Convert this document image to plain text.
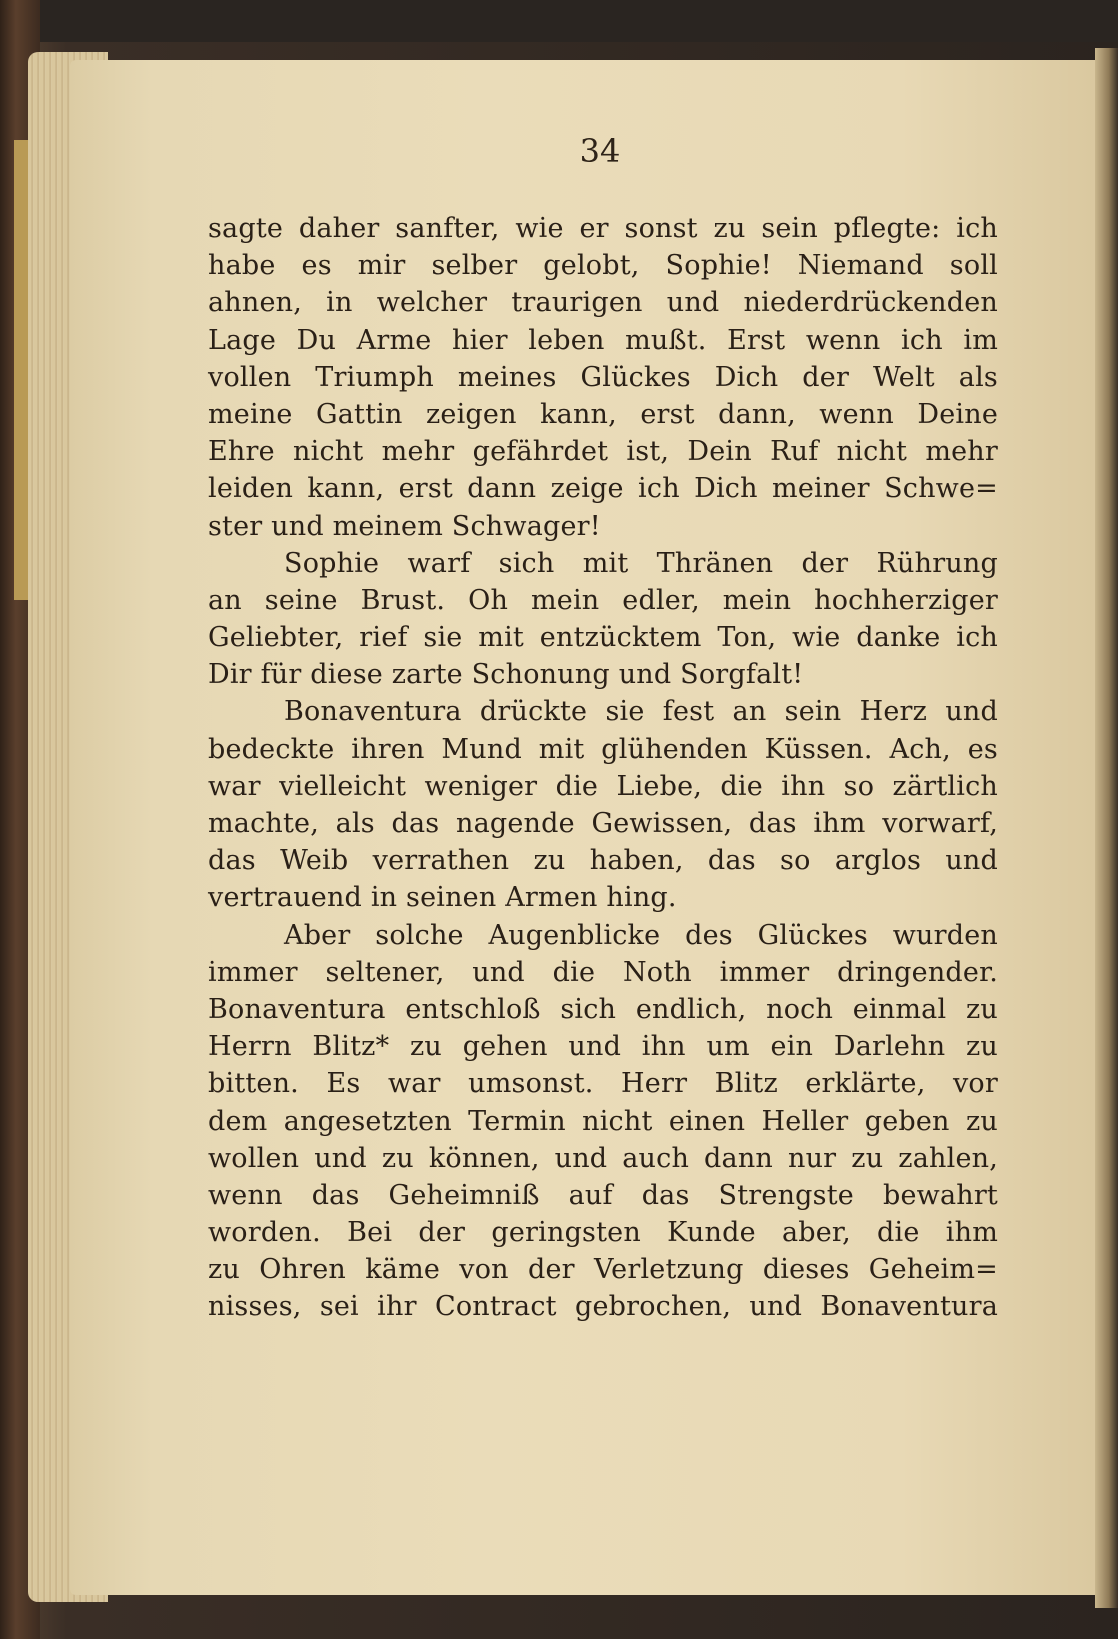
34
sagte daher sanfter, wie er sonst zu sein pflegte: ich
habe es mir selber gelobt, Sophie! Niemand soll
ahnen, in welcher traurigen und niederdrückenden
Lage Du Arme hier leben mußt. Erst wenn ich im
vollen Triumph meines Glückes Dich der Welt als
meine Gattin zeigen kann, erst dann, wenn Deine
Ehre nicht mehr gefährdet ist, Dein Ruf nicht mehr
leiden kann, erst dann zeige ich Dich meiner Schwe=
ster und meinem Schwager!
Sophie warf sich mit Thränen der Rührung
an seine Brust. Oh mein edler, mein hochherziger
Geliebter, rief sie mit entzücktem Ton, wie danke ich
Dir für diese zarte Schonung und Sorgfalt!
Bonaventura drückte sie fest an sein Herz und
bedeckte ihren Mund mit glühenden Küssen. Ach, es
war vielleicht weniger die Liebe, die ihn so zärtlich
machte, als das nagende Gewissen, das ihm vorwarf,
das Weib verrathen zu haben, das so arglos und
vertrauend in seinen Armen hing.
Aber solche Augenblicke des Glückes wurden
immer seltener, und die Noth immer dringender.
Bonaventura entschloß sich endlich, noch einmal zu
Herrn Blitz* zu gehen und ihn um ein Darlehn zu
bitten. Es war umsonst. Herr Blitz erklärte, vor
dem angesetzten Termin nicht einen Heller geben zu
wollen und zu können, und auch dann nur zu zahlen,
wenn das Geheimniß auf das Strengste bewahrt
worden. Bei der geringsten Kunde aber, die ihm
zu Ohren käme von der Verletzung dieses Geheim=
nisses, sei ihr Contract gebrochen, und Bonaventura
